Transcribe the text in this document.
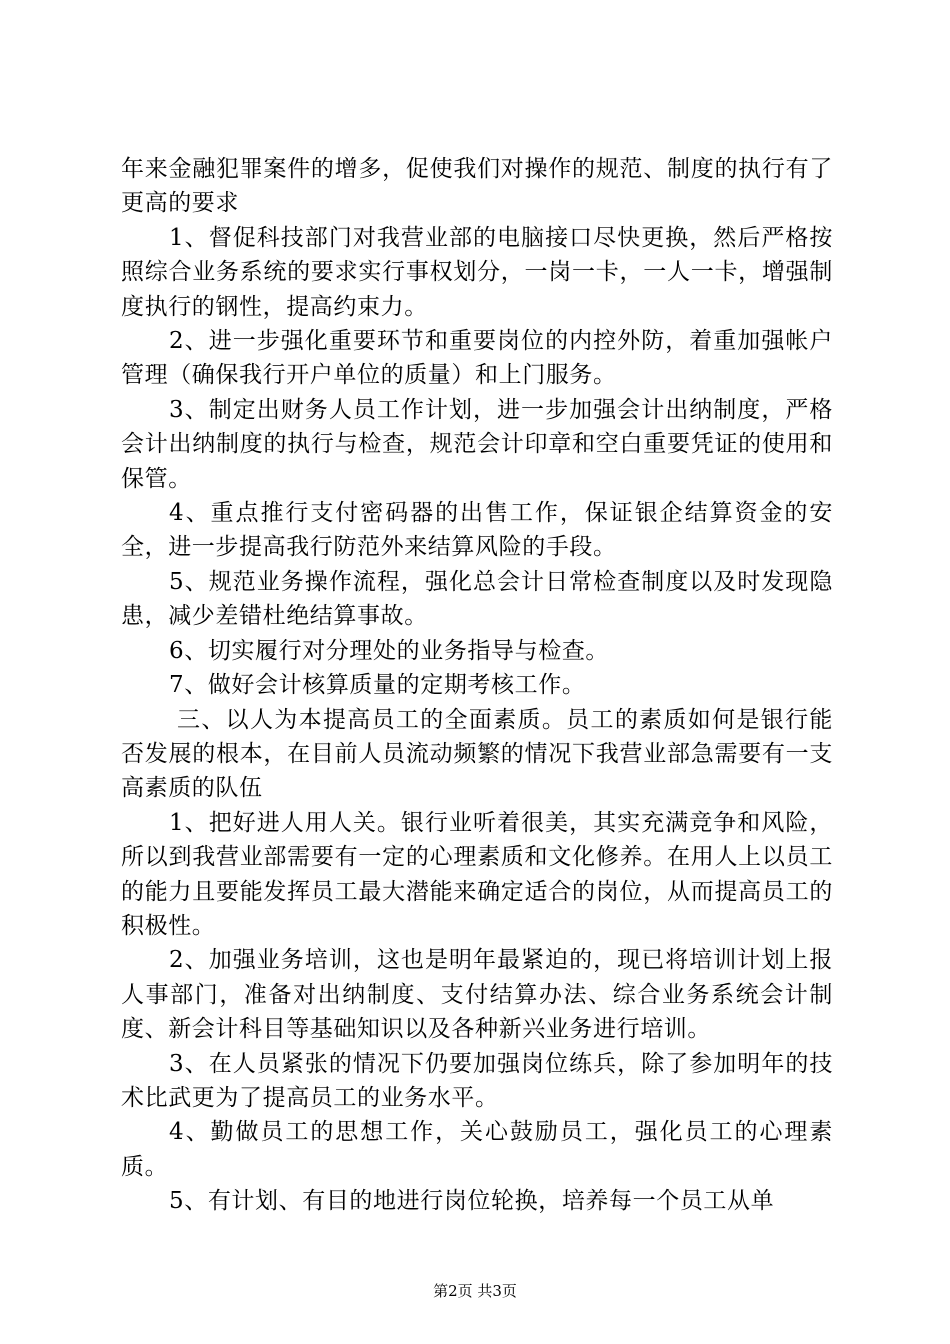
年来金融犯罪案件的增多，促使我们对操作的规范、制度的执行有了更高的要求

1、督促科技部门对我营业部的电脑接口尽快更换，然后严格按照综合业务系统的要求实行事权划分，一岗一卡，一人一卡，增强制度执行的钢性，提高约束力。

2、进一步强化重要环节和重要岗位的内控外防，着重加强帐户管理（确保我行开户单位的质量）和上门服务。

3、制定出财务人员工作计划，进一步加强会计出纳制度，严格会计出纳制度的执行与检查，规范会计印章和空白重要凭证的使用和保管。

4、重点推行支付密码器的出售工作，保证银企结算资金的安全，进一步提高我行防范外来结算风险的手段。

5、规范业务操作流程，强化总会计日常检查制度以及时发现隐患，减少差错杜绝结算事故。

6、切实履行对分理处的业务指导与检查。

7、做好会计核算质量的定期考核工作。

三、以人为本提高员工的全面素质。员工的素质如何是银行能否发展的根本，在目前人员流动频繁的情况下我营业部急需要有一支高素质的队伍

1、把好进人用人关。银行业听着很美，其实充满竞争和风险，所以到我营业部需要有一定的心理素质和文化修养。在用人上以员工的能力且要能发挥员工最大潜能来确定适合的岗位，从而提高员工的积极性。

2、加强业务培训，这也是明年最紧迫的，现已将培训计划上报人事部门，准备对出纳制度、支付结算办法、综合业务系统会计制度、新会计科目等基础知识以及各种新兴业务进行培训。

3、在人员紧张的情况下仍要加强岗位练兵，除了参加明年的技术比武更为了提高员工的业务水平。

4、勤做员工的思想工作，关心鼓励员工，强化员工的心理素质。

5、有计划、有目的地进行岗位轮换，培养每一个员工从单

第2页 共3页
